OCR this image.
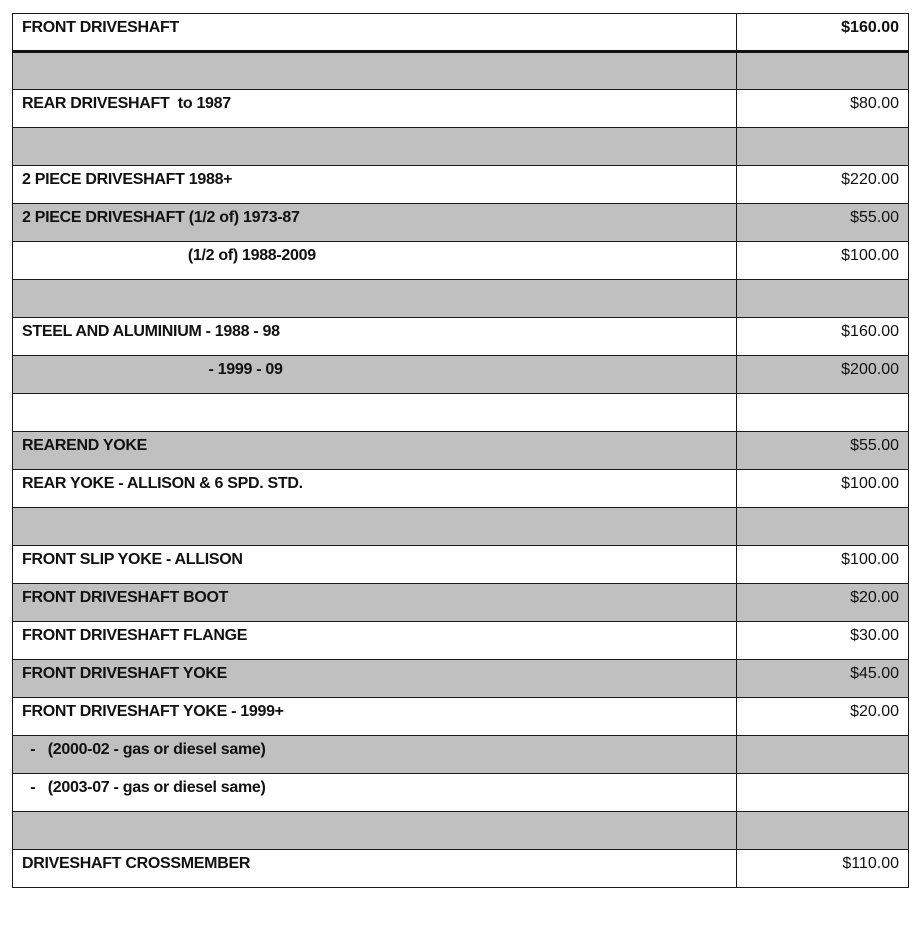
FRONT DRIVESHAFT	$160.00

REAR DRIVESHAFT  to 1987	$80.00

2 PIECE DRIVESHAFT 1988+	$220.00
2 PIECE DRIVESHAFT (1/2 of) 1973-87	$55.00
(1/2 of) 1988-2009	$100.00

STEEL AND ALUMINIUM - 1988 - 98	$160.00
- 1999 - 09	$200.00

REAREND YOKE	$55.00
REAR YOKE - ALLISON & 6 SPD. STD.	$100.00

FRONT SLIP YOKE - ALLISON	$100.00
FRONT DRIVESHAFT BOOT	$20.00
FRONT DRIVESHAFT FLANGE	$30.00
FRONT DRIVESHAFT YOKE	$45.00
FRONT DRIVESHAFT YOKE - 1999+	$20.00
-   (2000-02 - gas or diesel same)	
-   (2003-07 - gas or diesel same)	

DRIVESHAFT CROSSMEMBER	$110.00
